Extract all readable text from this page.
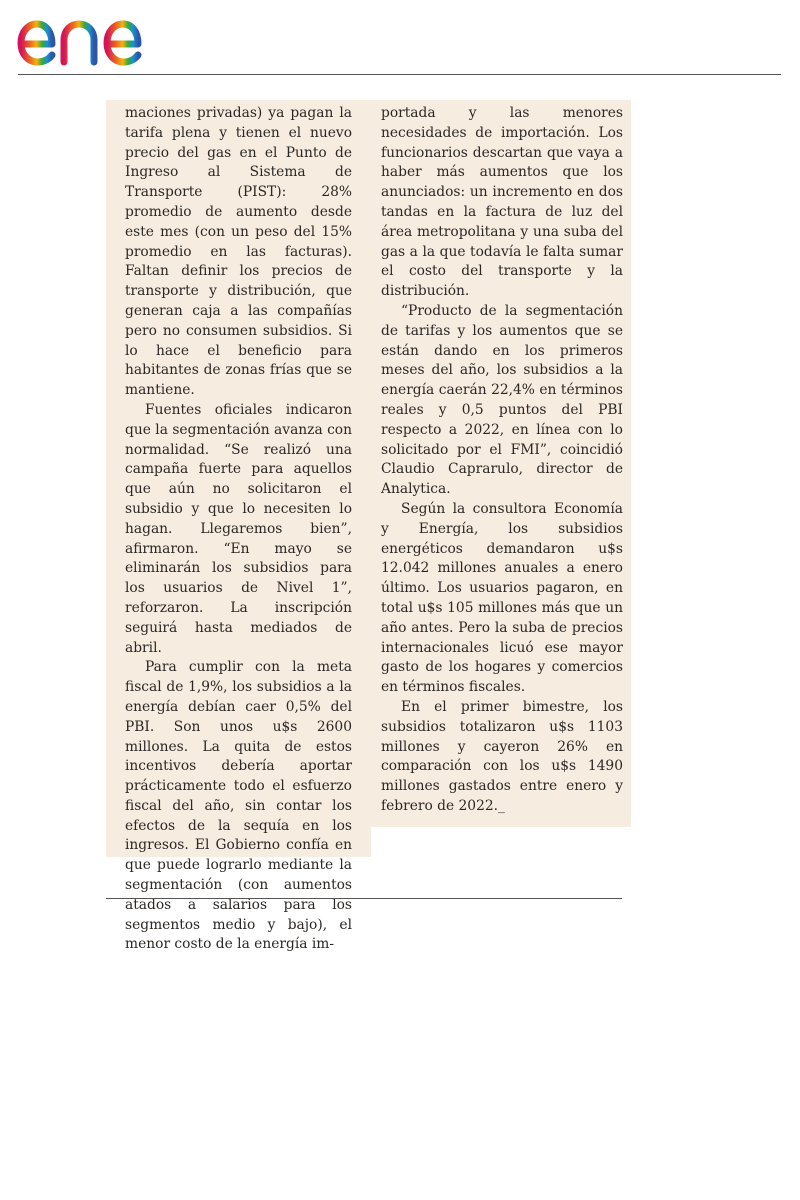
maciones privadas) ya pagan la tarifa plena y tienen el nuevo precio del gas en el Punto de Ingreso al Sistema de Transporte (PIST): 28% promedio de aumento desde este mes (con un peso del 15% promedio en las facturas). Faltan definir los precios de transporte y distribución, que generan caja a las compañías pero no consumen subsidios. Si lo hace el beneficio para habitantes de zonas frías que se mantiene.

Fuentes oficiales indicaron que la segmentación avanza con normalidad. “Se realizó una campaña fuerte para aquellos que aún no solicitaron el subsidio y que lo necesiten lo hagan. Llegaremos bien”, afirmaron. “En mayo se eliminarán los subsidios para los usuarios de Nivel 1”, reforzaron. La inscripción seguirá hasta mediados de abril.

Para cumplir con la meta fiscal de 1,9%, los subsidios a la energía debían caer 0,5% del PBI. Son unos u$s 2600 millones. La quita de estos incentivos debería aportar prácticamente todo el esfuerzo fiscal del año, sin contar los efectos de la sequía en los ingresos. El Gobierno confía en que puede lograrlo mediante la segmentación (con aumentos atados a salarios para los segmentos medio y bajo), el menor costo de la energía im-

portada y las menores necesidades de importación. Los funcionarios descartan que vaya a haber más aumentos que los anunciados: un incremento en dos tandas en la factura de luz del área metropolitana y una suba del gas a la que todavía le falta sumar el costo del transporte y la distribución.

“Producto de la segmentación de tarifas y los aumentos que se están dando en los primeros meses del año, los subsidios a la energía caerán 22,4% en términos reales y 0,5 puntos del PBI respecto a 2022, en línea con lo solicitado por el FMI”, coincidió Claudio Caprarulo, director de Analytica.

Según la consultora Economía y Energía, los subsidios energéticos demandaron u$s 12.042 millones anuales a enero último. Los usuarios pagaron, en total u$s 105 millones más que un año antes. Pero la suba de precios internacionales licuó ese mayor gasto de los hogares y comercios en términos fiscales.

En el primer bimestre, los subsidios totalizaron u$s 1103 millones y cayeron 26% en comparación con los u$s 1490 millones gastados entre enero y febrero de 2022._
